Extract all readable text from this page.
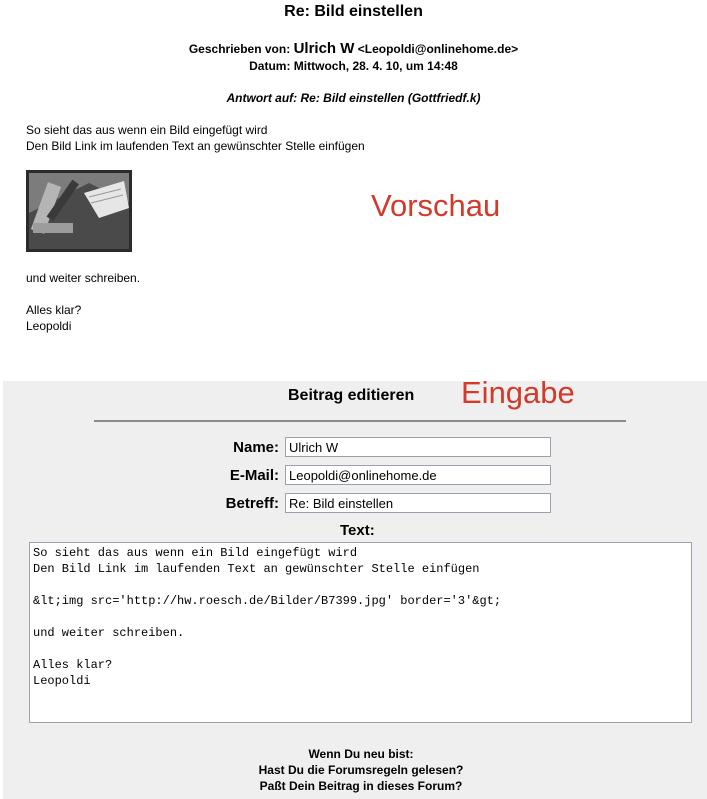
Re: Bild einstellen
Geschrieben von: Ulrich W <Leopoldi@onlinehome.de>
Datum: Mittwoch, 28. 4. 10, um 14:48
Antwort auf: Re: Bild einstellen (Gottfriedf.k)
So sieht das aus wenn ein Bild eingefügt wird
Den Bild Link im laufenden Text an gewünschter Stelle einfügen
Vorschau
und weiter schreiben.
Alles klar?
Leopoldi
Beitrag editieren Eingabe
Name: Ulrich W
E-Mail: Leopoldi@onlinehome.de
Betreff: Re: Bild einstellen
Text:
So sieht das aus wenn ein Bild eingefügt wird
Den Bild Link im laufenden Text an gewünschter Stelle einfügen

&lt;img src='http://hw.roesch.de/Bilder/B7399.jpg' border='3'&gt;

und weiter schreiben.

Alles klar?
Leopoldi
Wenn Du neu bist:
Hast Du die Forumsregeln gelesen?
Paßt Dein Beitrag in dieses Forum?
